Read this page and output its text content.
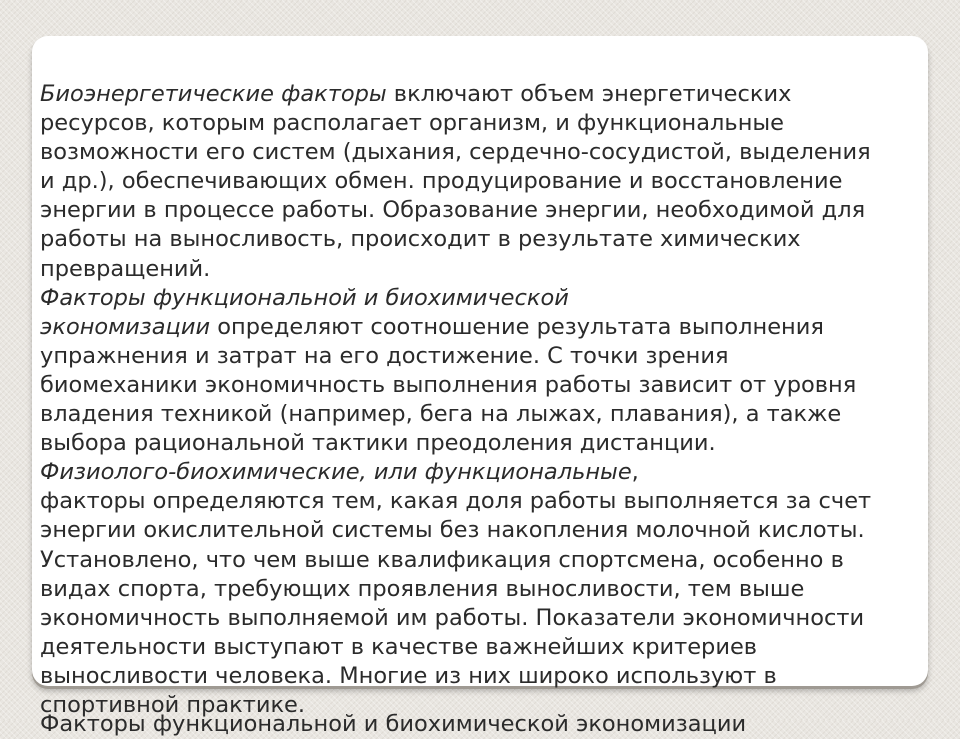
Биоэнергетические факторы включают объем энергетических
ресурсов, которым располагает организм, и функциональные
возможности его систем (дыхания, сердечно-сосудистой, выделения
и др.), обеспечивающих обмен. продуцирование и восстановление
энергии в процессе работы. Образование энергии, необходимой для
работы на выносливость, происходит в результате химических
превращений.
Факторы функциональной и биохимической
экономизации определяют соотношение результата выполнения
упражнения и затрат на его достижение. С точки зрения
биомеханики экономичность выполнения работы зависит от уровня
владения техникой (например, бега на лыжах, плавания), а также
выбора рациональной тактики преодоления дистанции.
Физиолого-биохимические, или функциональные,
факторы определяются тем, какая доля работы выполняется за счет
энергии окислительной системы без накопления молочной кислоты.
Установлено, что чем выше квалификация спортсмена, особенно в
видах спорта, требующих проявления выносливости, тем выше
экономичность выполняемой им работы. Показатели экономичности
деятельности выступают в качестве важнейших критериев
выносливости человека. Многие из них широко используют в
спортивной практике.
Факторы функциональной и биохимической экономизации
